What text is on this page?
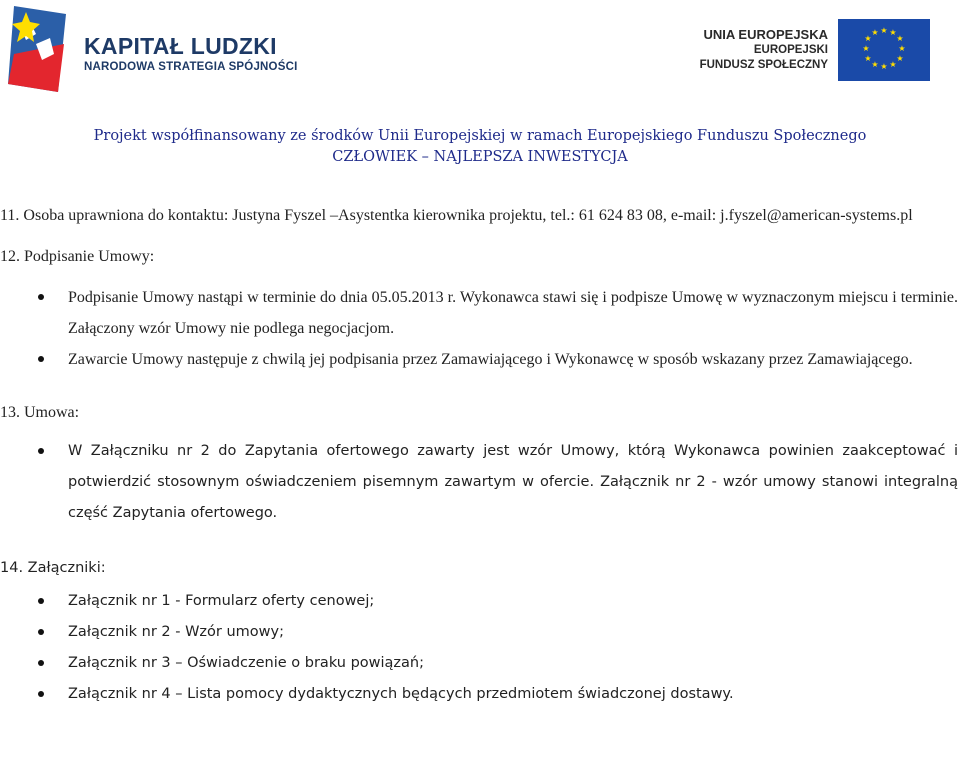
KAPITAŁ LUDZKI
NARODOWA STRATEGIA SPÓJNOŚCI
UNIA EUROPEJSKA
EUROPEJSKI
FUNDUSZ SPOŁECZNY
★ ★
★
★
★
★
★
★
★
★
★
★
Projekt współfinansowany ze środków Unii Europejskiej w ramach Europejskiego Funduszu Społecznego
CZŁOWIEK – NAJLEPSZA INWESTYCJA

11. Osoba uprawniona do kontaktu: Justyna Fyszel –Asystentka kierownika projektu, tel.: 61 624 83 08, e-mail: j.fyszel@american-systems.pl

12. Podpisanie Umowy:

Podpisanie Umowy nastąpi w terminie do dnia 05.05.2013 r. Wykonawca stawi się i podpisze Umowę w wyznaczonym miejscu i terminie. Załączony wzór Umowy nie podlega negocjacjom.
Zawarcie Umowy następuje z chwilą jej podpisania przez Zamawiającego i Wykonawcę w sposób wskazany przez Zamawiającego.

13. Umowa:

W Załączniku nr 2 do Zapytania ofertowego zawarty jest wzór Umowy, którą Wykonawca powinien zaakceptować i potwierdzić stosownym oświadczeniem pisemnym zawartym w ofercie. Załącznik nr 2 - wzór umowy stanowi integralną część Zapytania ofertowego.

14. Załączniki:

Załącznik nr 1 - Formularz oferty cenowej;
Załącznik nr 2 - Wzór umowy;
Załącznik nr 3 – Oświadczenie o braku powiązań;
Załącznik nr 4 – Lista pomocy dydaktycznych będących przedmiotem świadczonej dostawy.
